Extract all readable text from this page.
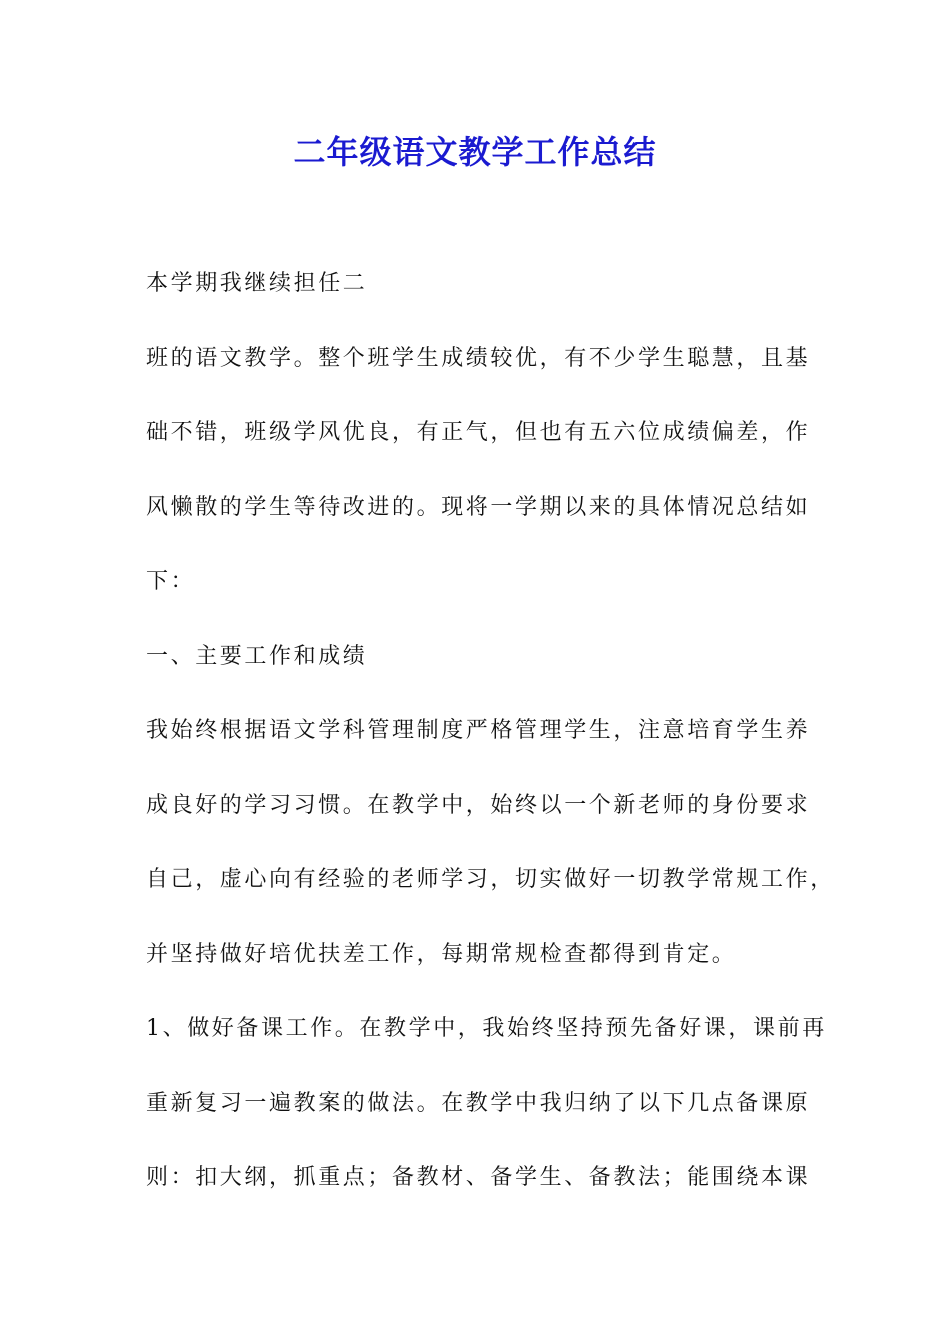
二年级语文教学工作总结
本学期我继续担任二
班的语文教学。整个班学生成绩较优，有不少学生聪慧，且基
础不错，班级学风优良，有正气，但也有五六位成绩偏差，作
风懒散的学生等待改进的。现将一学期以来的具体情况总结如
下：
一、主要工作和成绩
我始终根据语文学科管理制度严格管理学生，注意培育学生养
成良好的学习习惯。在教学中，始终以一个新老师的身份要求
自己，虚心向有经验的老师学习，切实做好一切教学常规工作，
并坚持做好培优扶差工作，每期常规检查都得到肯定。
1、做好备课工作。在教学中，我始终坚持预先备好课，课前再
重新复习一遍教案的做法。在教学中我归纳了以下几点备课原
则：扣大纲，抓重点；备教材、备学生、备教法；能围绕本课
